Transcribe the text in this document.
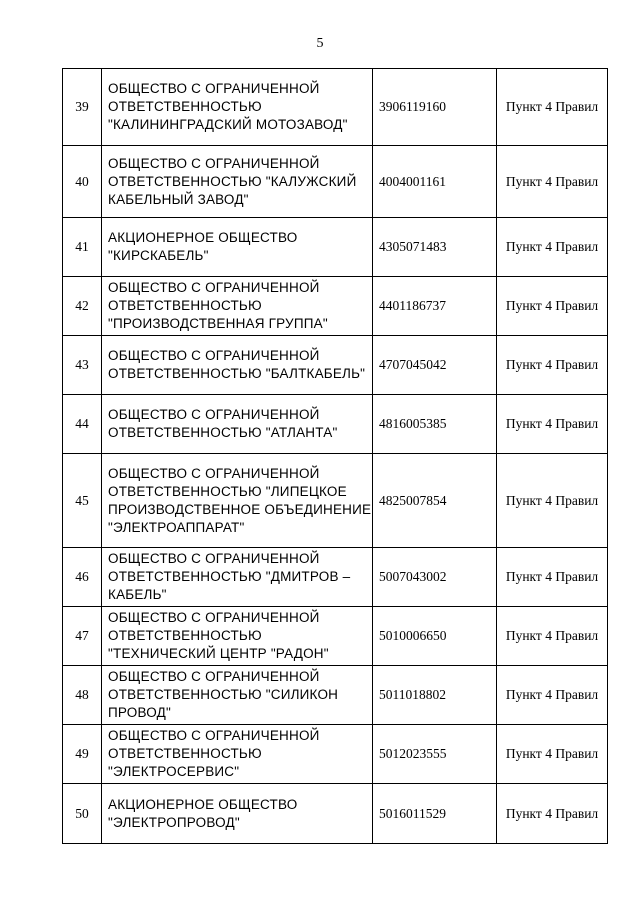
5
39	ОБЩЕСТВО С ОГРАНИЧЕННОЙ ОТВЕТСТВЕННОСТЬЮ "КАЛИНИНГРАДСКИЙ МОТОЗАВОД"	3906119160	Пункт 4 Правил
40	ОБЩЕСТВО С ОГРАНИЧЕННОЙ ОТВЕТСТВЕННОСТЬЮ "КАЛУЖСКИЙ КАБЕЛЬНЫЙ ЗАВОД"	4004001161	Пункт 4 Правил
41	АКЦИОНЕРНОЕ ОБЩЕСТВО "КИРСКАБЕЛЬ"	4305071483	Пункт 4 Правил
42	ОБЩЕСТВО С ОГРАНИЧЕННОЙ ОТВЕТСТВЕННОСТЬЮ "ПРОИЗВОДСТВЕННАЯ ГРУППА"	4401186737	Пункт 4 Правил
43	ОБЩЕСТВО С ОГРАНИЧЕННОЙ ОТВЕТСТВЕННОСТЬЮ "БАЛТКАБЕЛЬ"	4707045042	Пункт 4 Правил
44	ОБЩЕСТВО С ОГРАНИЧЕННОЙ ОТВЕТСТВЕННОСТЬЮ "АТЛАНТА"	4816005385	Пункт 4 Правил
45	ОБЩЕСТВО С ОГРАНИЧЕННОЙ ОТВЕТСТВЕННОСТЬЮ "ЛИПЕЦКОЕ ПРОИЗВОДСТВЕННОЕ ОБЪЕДИНЕНИЕ "ЭЛЕКТРОАППАРАТ"	4825007854	Пункт 4 Правил
46	ОБЩЕСТВО С ОГРАНИЧЕННОЙ ОТВЕТСТВЕННОСТЬЮ "ДМИТРОВ – КАБЕЛЬ"	5007043002	Пункт 4 Правил
47	ОБЩЕСТВО С ОГРАНИЧЕННОЙ ОТВЕТСТВЕННОСТЬЮ "ТЕХНИЧЕСКИЙ ЦЕНТР "РАДОН"	5010006650	Пункт 4 Правил
48	ОБЩЕСТВО С ОГРАНИЧЕННОЙ ОТВЕТСТВЕННОСТЬЮ "СИЛИКОН ПРОВОД"	5011018802	Пункт 4 Правил
49	ОБЩЕСТВО С ОГРАНИЧЕННОЙ ОТВЕТСТВЕННОСТЬЮ "ЭЛЕКТРОСЕРВИС"	5012023555	Пункт 4 Правил
50	АКЦИОНЕРНОЕ ОБЩЕСТВО "ЭЛЕКТРОПРОВОД"	5016011529	Пункт 4 Правил
